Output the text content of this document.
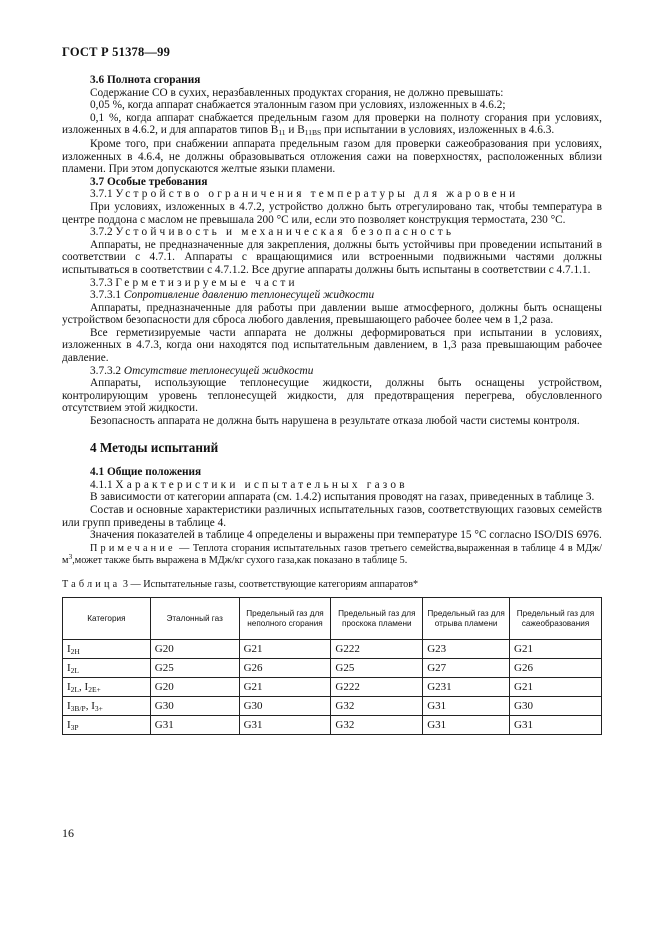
ГОСТ Р 51378—99

3.6 Полнота сгорания

Содержание СО в сухих, неразбавленных продуктах сгорания, не должно превышать:

0,05 %, когда аппарат снабжается эталонным газом при условиях, изложенных в 4.6.2;

0,1 %, когда аппарат снабжается предельным газом для проверки на полноту сгорания при условиях, изложенных в 4.6.2, и для аппаратов типов $В_{11}$ и $В_{11BS}$ при испытании в условиях, изложенных в 4.6.3.

Кроме того, при снабжении аппарата предельным газом для проверки сажеобразования при условиях, изложенных в 4.6.4, не должны образовываться отложения сажи на поверхностях, расположенных вблизи пламени. При этом допускаются желтые языки пламени.

3.7 Особые требования

3.7.1 Устройство ограничения температуры для жаровени

При условиях, изложенных в 4.7.2, устройство должно быть отрегулировано так, чтобы температура в центре поддона с маслом не превышала 200 °С или, если это позволяет конструкция термостата, 230 °С.

3.7.2 Устойчивость и механическая безопасность

Аппараты, не предназначенные для закрепления, должны быть устойчивы при проведении испытаний в соответствии с 4.7.1. Аппараты с вращающимися или встроенными подвижными частями должны испытываться в соответствии с 4.7.1.2. Все другие аппараты должны быть испытаны в соответствии с 4.7.1.1.

3.7.3 Герметизируемые части

3.7.3.1 Сопротивление давлению теплонесущей жидкости

Аппараты, предназначенные для работы при давлении выше атмосферного, должны быть оснащены устройством безопасности для сброса любого давления, превышающего рабочее более чем в 1,2 раза.

Все герметизируемые части аппарата не должны деформироваться при испытании в условиях, изложенных в 4.7.3, когда они находятся под испытательным давлением, в 1,3 раза превышающим рабочее давление.

3.7.3.2 Отсутствие теплонесущей жидкости

Аппараты, использующие теплонесущие жидкости, должны быть оснащены устройством, контролирующим уровень теплонесущей жидкости, для предотвращения перегрева, обусловленного отсутствием этой жидкости.

Безопасность аппарата не должна быть нарушена в результате отказа любой части системы контроля.

4 Методы испытаний

4.1 Общие положения

4.1.1 Характеристики испытательных газов

В зависимости от категории аппарата (см. 1.4.2) испытания проводят на газах, приведенных в таблице 3.

Состав и основные характеристики различных испытательных газов, соответствующих газовых семейств или групп приведены в таблице 4.

Значения показателей в таблице 4 определены и выражены при температуре 15 °С согласно ISO/DIS 6976.

Примечание — Теплота сгорания испытательных газов третьего семейства,выраженная в таблице 4 в МДж/$м^3,может$ также быть выражена в МДж/кг сухого газа,как показано в таблице 5.

Таблица 3 — Испытательные газы, соответствующие категориям аппаратов*

Категория	Эталонный газ	Предельный газ для неполного сгорания	Предельный газ для проскока пламени	Предельный газ для отрыва пламени	Предельный газ для сажеобразования
$I_{2H}$	G20	G21	G222	G23	G21
$I_{2L}$	G25	G26	G25	G27	G26
$I_{2L}$, $I_{2E+}$	G20	G21	G222	G231	G21
$I_{3B/P}$, $I_{3+}$	G30	G30	G32	G31	G30
$I_{3P}$	G31	G31	G32	G31	G31
16
